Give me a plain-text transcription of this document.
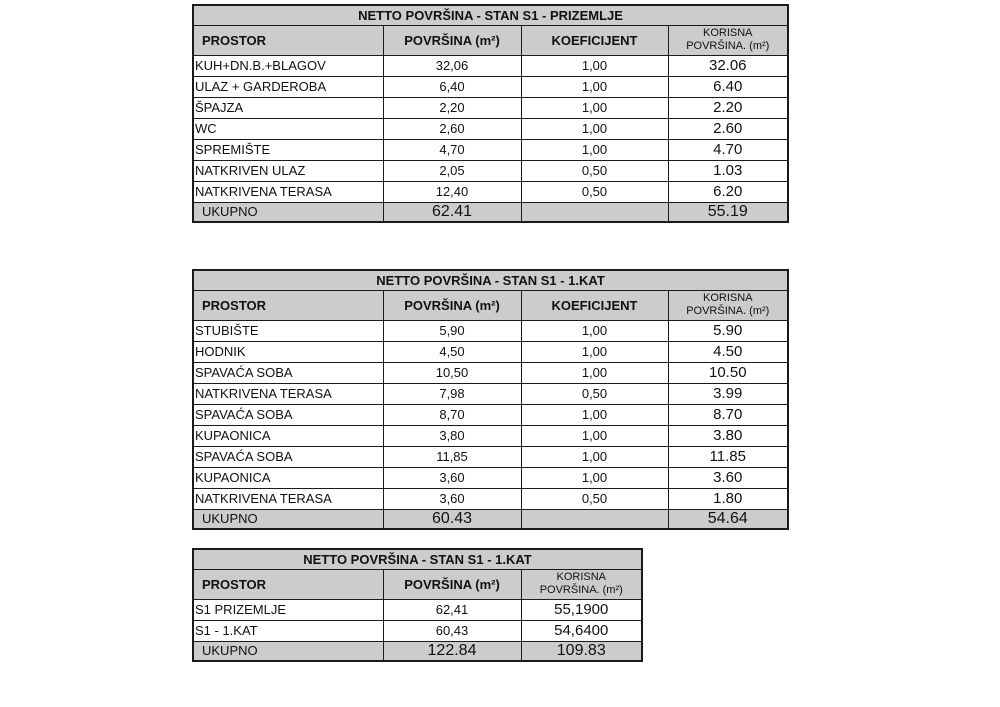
NETTO POVRŠINA - STAN S1 - PRIZEMLJE			
PROSTOR	POVRŠINA (m²)	KOEFICIJENT	KORISNA
POVRŠINA. (m²)

KUH+DN.B.+BLAGOV	32,06	1,00	32.06
ULAZ + GARDEROBA	6,40	1,00	6.40
ŠPAJZA	2,20	1,00	2.20
WC	2,60	1,00	2.60
SPREMIŠTE	4,70	1,00	4.70
NATKRIVEN ULAZ	2,05	0,50	1.03
NATKRIVENA TERASA	12,40	0,50	6.20
UKUPNO	62.41		55.19
NETTO POVRŠINA - STAN S1 - 1.KAT			
PROSTOR	POVRŠINA (m²)	KOEFICIJENT	KORISNA
POVRŠINA. (m²)

STUBIŠTE	5,90	1,00	5.90
HODNIK	4,50	1,00	4.50
SPAVAĆA SOBA	10,50	1,00	10.50
NATKRIVENA TERASA	7,98	0,50	3.99
SPAVAĆA SOBA	8,70	1,00	8.70
KUPAONICA	3,80	1,00	3.80
SPAVAĆA SOBA	11,85	1,00	11.85
KUPAONICA	3,60	1,00	3.60
NATKRIVENA TERASA	3,60	0,50	1.80
UKUPNO	60.43		54.64
NETTO POVRŠINA - STAN S1 - 1.KAT		
PROSTOR	POVRŠINA (m²)	KORISNA
POVRŠINA. (m²)

S1 PRIZEMLJE	62,41	55,1900
S1 - 1.KAT	60,43	54,6400
UKUPNO	122.84	109.83
